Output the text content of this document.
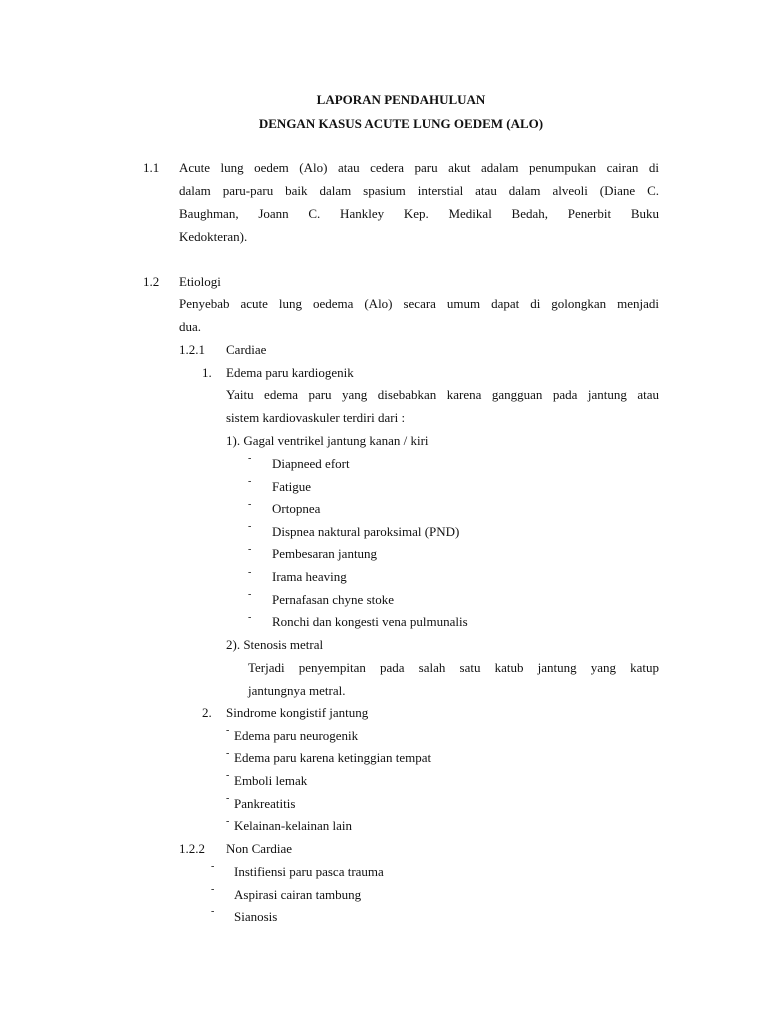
LAPORAN PENDAHULUAN
DENGAN KASUS ACUTE LUNG OEDEM (ALO)
1.1 Acute lung oedem (Alo) atau cedera paru akut adalam penumpukan cairan di
dalam paru-paru baik dalam spasium interstial atau dalam alveoli (Diane C.
Baughman, Joann C. Hankley Kep. Medikal Bedah, Penerbit Buku
Kedokteran).
1.2 Etiologi
Penyebab acute lung oedema (Alo) secara umum dapat di golongkan menjadi
dua.
1.2.1 Cardiae
1. Edema paru kardiogenik
Yaitu edema paru yang disebabkan karena gangguan pada jantung atau
sistem kardiovaskuler terdiri dari :
1). Gagal ventrikel jantung kanan / kiri
- Diapneed efort
- Fatigue
- Ortopnea
- Dispnea naktural paroksimal (PND)
- Pembesaran jantung
- Irama heaving
- Pernafasan chyne stoke
- Ronchi dan kongesti vena pulmunalis
2). Stenosis metral
Terjadi penyempitan pada salah satu katub jantung yang katup
jantungnya metral.
2. Sindrome kongistif jantung
- Edema paru neurogenik
- Edema paru karena ketinggian tempat
- Emboli lemak
- Pankreatitis
- Kelainan-kelainan lain
1.2.2 Non Cardiae
- Instifiensi paru pasca trauma
- Aspirasi cairan tambung
- Sianosis
